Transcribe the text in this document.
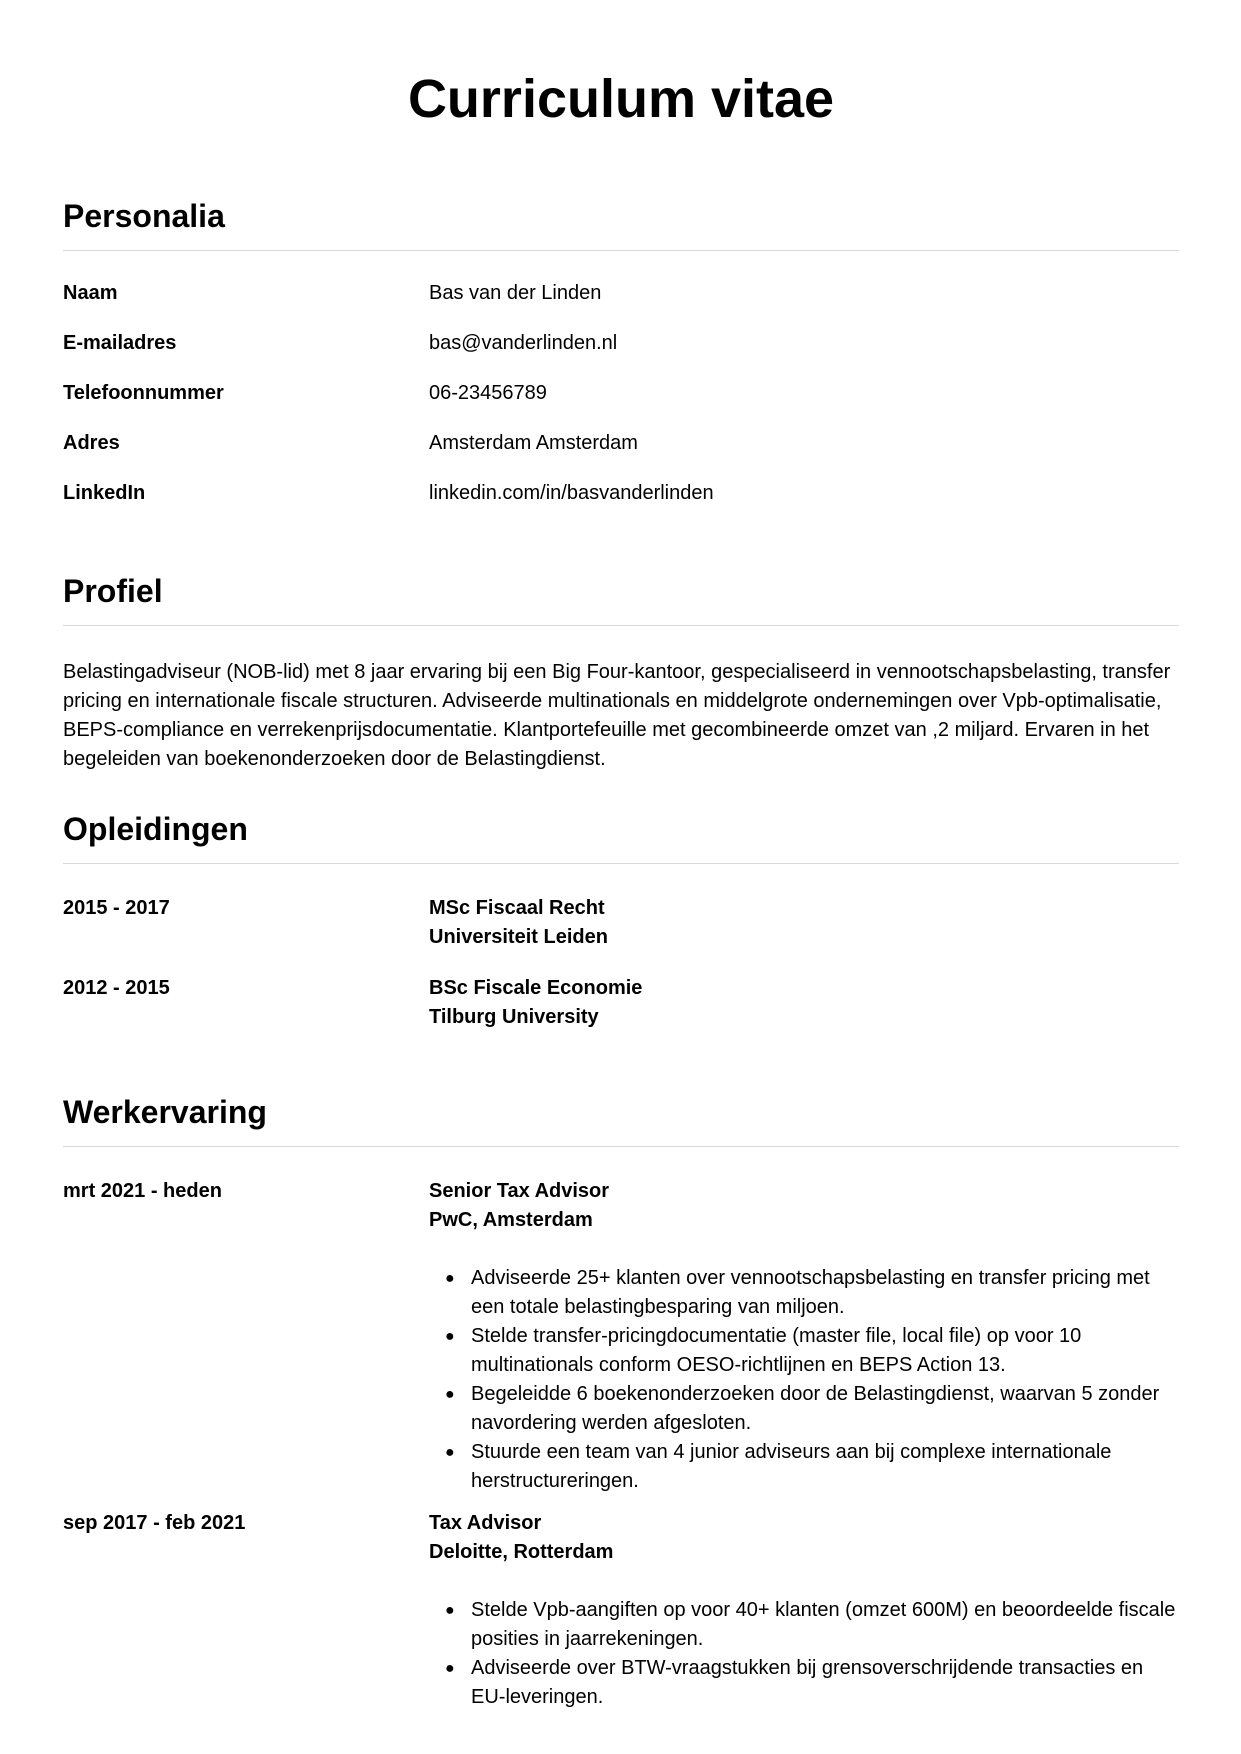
Curriculum vitae
Personalia
Naam	Bas van der Linden
E-mailadres	bas@vanderlinden.nl
Telefoonnummer	06-23456789
Adres	Amsterdam Amsterdam
LinkedIn	linkedin.com/in/basvanderlinden
Profiel

Belastingadviseur (NOB-lid) met 8 jaar ervaring bij een Big Four-kantoor, gespecialiseerd in vennootschapsbelasting, transfer pricing en internationale fiscale structuren. Adviseerde multinationals en middelgrote ondernemingen over Vpb-optimalisatie, BEPS-compliance en verrekenprijsdocumentatie. Klantportefeuille met gecombineerde omzet van ,2 miljard. Ervaren in het begeleiden van boekenonderzoeken door de Belastingdienst.

Opleidingen
2015 - 2017	MSc Fiscaal Recht
Universiteit Leiden
2012 - 2015	BSc Fiscale Economie
Tilburg University
Werkervaring
mrt 2021 - heden	Senior Tax Advisor
PwC, Amsterdam
● Adviseerde 25+ klanten over vennootschapsbelasting en transfer pricing met een totale belastingbesparing van miljoen.
● Stelde transfer-pricingdocumentatie (master file, local file) op voor 10 multinationals conform OESO-richtlijnen en BEPS Action 13.
● Begeleidde 6 boekenonderzoeken door de Belastingdienst, waarvan 5 zonder navordering werden afgesloten.
● Stuurde een team van 4 junior adviseurs aan bij complexe internationale herstructureringen.
sep 2017 - feb 2021	Tax Advisor
Deloitte, Rotterdam
● Stelde Vpb-aangiften op voor 40+ klanten (omzet 600M) en beoordeelde fiscale posities in jaarrekeningen.
● Adviseerde over BTW-vraagstukken bij grensoverschrijdende transacties en EU-leveringen.
